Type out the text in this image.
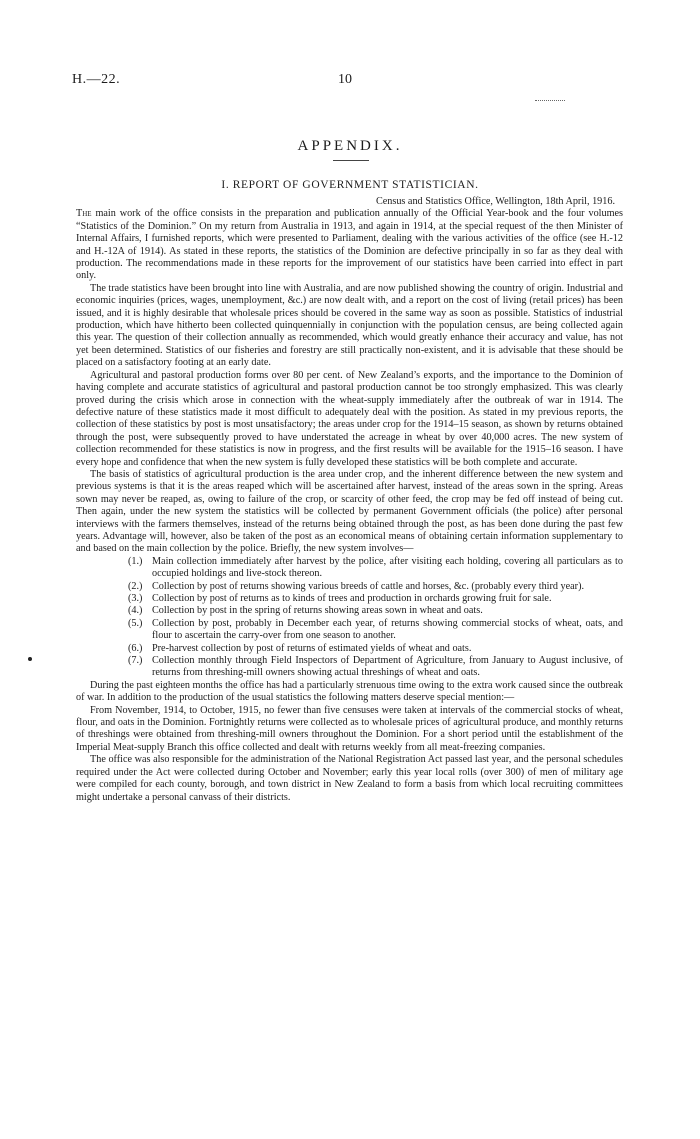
H.—22.	10
APPENDIX.
I. REPORT OF GOVERNMENT STATISTICIAN.

Census and Statistics Office, Wellington, 18th April, 1916.

The main work of the office consists in the preparation and publication annually of the Official Year-book and the four volumes “Statistics of the Dominion.” On my return from Australia in 1913, and again in 1914, at the special request of the then Minister of Internal Affairs, I furnished reports, which were presented to Parliament, dealing with the various activities of the office (see H.-12 and H.-12A of 1914). As stated in these reports, the statistics of the Dominion are defective principally in so far as they deal with production. The recommendations made in these reports for the improvement of our statistics have been carried into effect in part only.

The trade statistics have been brought into line with Australia, and are now published showing the country of origin. Industrial and economic inquiries (prices, wages, unemployment, &c.) are now dealt with, and a report on the cost of living (retail prices) has been issued, and it is highly desirable that wholesale prices should be covered in the same way as soon as possible. Statistics of industrial production, which have hitherto been collected quinquennially in conjunction with the population census, are being collected again this year. The question of their collection annually as recommended, which would greatly enhance their accuracy and value, has not yet been determined. Statistics of our fisheries and forestry are still practically non-existent, and it is advisable that these should be placed on a satisfactory footing at an early date.

Agricultural and pastoral production forms over 80 per cent. of New Zealand’s exports, and the importance to the Dominion of having complete and accurate statistics of agricultural and pastoral production cannot be too strongly emphasized. This was clearly proved during the crisis which arose in connection with the wheat-supply immediately after the outbreak of war in 1914. The defective nature of these statistics made it most difficult to adequately deal with the position. As stated in my previous reports, the collection of these statistics by post is most unsatisfactory; the areas under crop for the 1914–15 season, as shown by returns obtained through the post, were subsequently proved to have understated the acreage in wheat by over 40,000 acres. The new system of collection recommended for these statistics is now in progress, and the first results will be available for the 1915–16 season. I have every hope and confidence that when the new system is fully developed these statistics will be both complete and accurate.

The basis of statistics of agricultural production is the area under crop, and the inherent difference between the new system and previous systems is that it is the areas reaped which will be ascertained after harvest, instead of the areas sown in the spring. Areas sown may never be reaped, as, owing to failure of the crop, or scarcity of other feed, the crop may be fed off instead of being cut. Then again, under the new system the statistics will be collected by permanent Government officials (the police) after personal interviews with the farmers themselves, instead of the returns being obtained through the post, as has been done during the past few years. Advantage will, however, also be taken of the post as an economical means of obtaining certain information supplementary to and based on the main collection by the police. Briefly, the new system involves—

(1.) Main collection immediately after harvest by the police, after visiting each holding, covering all particulars as to occupied holdings and live-stock thereon.
(2.) Collection by post of returns showing various breeds of cattle and horses, &c. (probably every third year).
(3.) Collection by post of returns as to kinds of trees and production in orchards growing fruit for sale.
(4.) Collection by post in the spring of returns showing areas sown in wheat and oats.
(5.) Collection by post, probably in December each year, of returns showing commercial stocks of wheat, oats, and flour to ascertain the carry-over from one season to another.
(6.) Pre-harvest collection by post of returns of estimated yields of wheat and oats.
(7.) Collection monthly through Field Inspectors of Department of Agriculture, from January to August inclusive, of returns from threshing-mill owners showing actual threshings of wheat and oats.

During the past eighteen months the office has had a particularly strenuous time owing to the extra work caused since the outbreak of war. In addition to the production of the usual statistics the following matters deserve special mention:—

From November, 1914, to October, 1915, no fewer than five censuses were taken at intervals of the commercial stocks of wheat, flour, and oats in the Dominion. Fortnightly returns were collected as to wholesale prices of agricultural produce, and monthly returns of threshings were obtained from threshing-mill owners throughout the Dominion. For a short period until the establishment of the Imperial Meat-supply Branch this office collected and dealt with returns weekly from all meat-freezing companies.

The office was also responsible for the administration of the National Registration Act passed last year, and the personal schedules required under the Act were collected during October and November; early this year local rolls (over 300) of men of military age were compiled for each county, borough, and town district in New Zealand to form a basis from which local recruiting committees might undertake a personal canvass of their districts.
